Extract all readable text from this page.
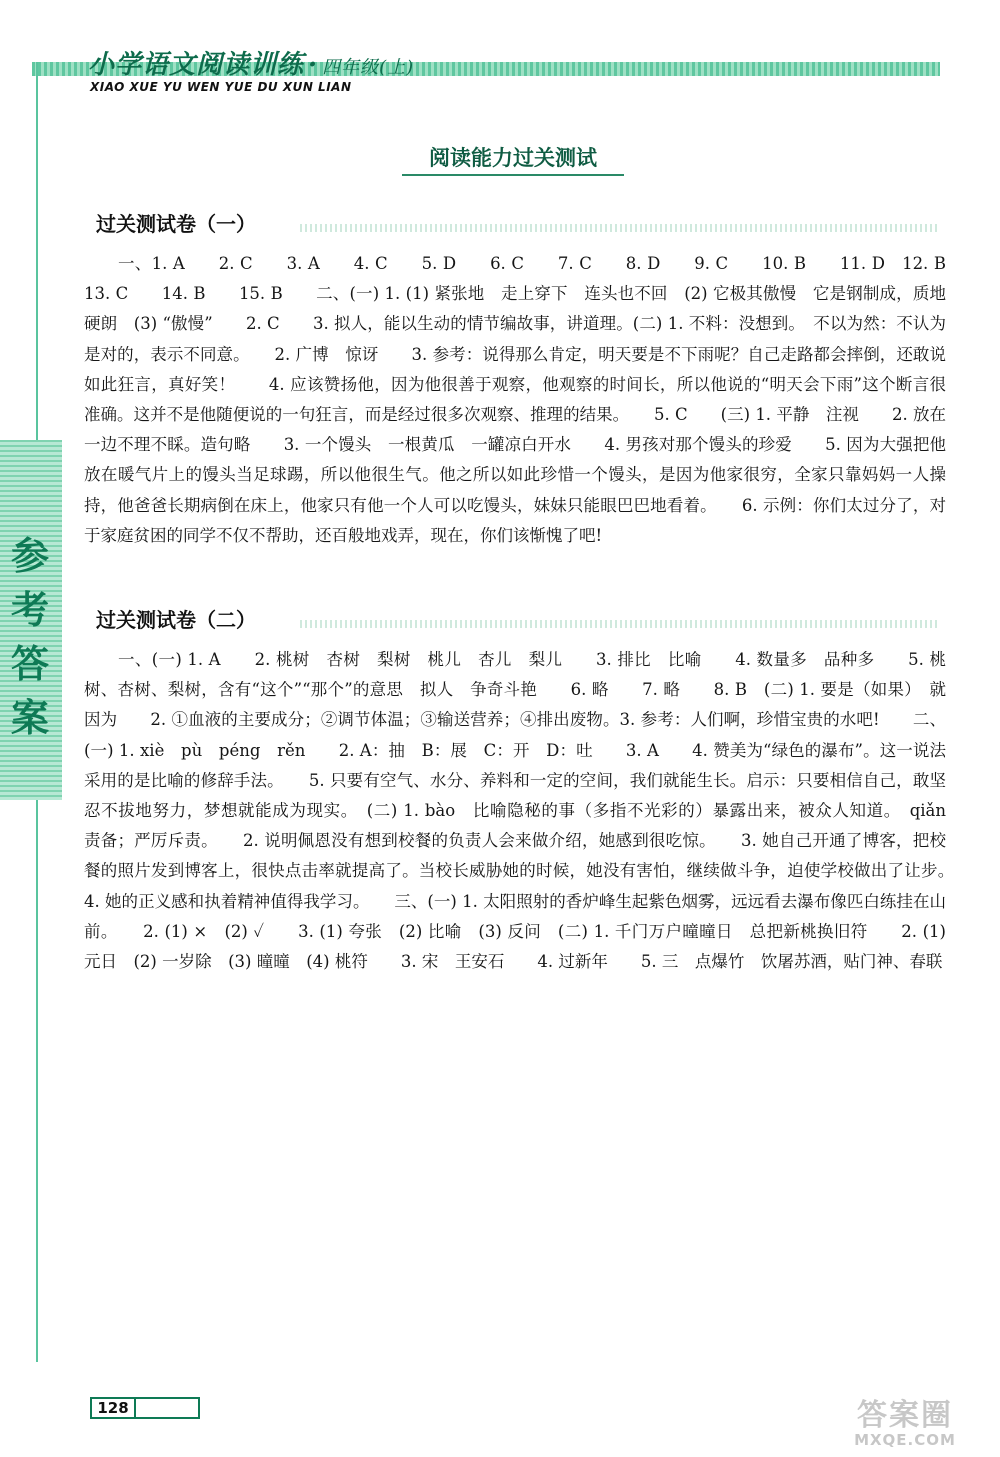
小学语文阅读训练 · 四年级(上)
XIAO XUE YU WEN YUE DU XUN LIAN
阅读能力过关测试
过关测试卷（一）

一、1. A　　2. C　　3. A　　4. C　　5. D　　6. C　　7. C　　8. D　　9. C　　10. B　　11. D　12. B　　13. C　　14. B　　15. B　　二、(一) 1. (1) 紧张地　走上穿下　连头也不回　(2) 它极其傲慢　它是钢制成，质地硬朗　(3) “傲慢”　　2. C　　3. 拟人，能以生动的情节编故事，讲道理。(二) 1. 不料：没想到。　不以为然：不认为是对的，表示不同意。　　2. 广博　惊讶　　3. 参考：说得那么肯定，明天要是不下雨呢？自己走路都会摔倒，还敢说如此狂言，真好笑！　　4. 应该赞扬他，因为他很善于观察，他观察的时间长，所以他说的“明天会下雨”这个断言很准确。这并不是他随便说的一句狂言，而是经过很多次观察、推理的结果。　　5. C　　(三) 1. 平静　注视　　2. 放在一边不理不睬。造句略　　3. 一个馒头　一根黄瓜　一罐凉白开水　　4. 男孩对那个馒头的珍爱　　5. 因为大强把他放在暖气片上的馒头当足球踢，所以他很生气。他之所以如此珍惜一个馒头，是因为他家很穷，全家只靠妈妈一人操持，他爸爸长期病倒在床上，他家只有他一个人可以吃馒头，妹妹只能眼巴巴地看着。　　6. 示例：你们太过分了，对于家庭贫困的同学不仅不帮助，还百般地戏弄，现在，你们该惭愧了吧!

过关测试卷（二）

一、(一) 1. A　　2. 桃树　杏树　梨树　桃儿　杏儿　梨儿　　3. 排比　比喻　　4. 数量多　品种多　　5. 桃树、杏树、梨树，含有“这个”“那个”的意思　拟人　争奇斗艳　　6. 略　　7. 略　　8. B　(二) 1. 要是（如果）　就　因为　　2. ①血液的主要成分；②调节体温；③输送营养；④排出废物。3. 参考：人们啊，珍惜宝贵的水吧!　　二、(一) 1. xiè　pù　péng　rěn　　2. A：抽　B：展　C：开　D：吐　　3. A　　4. 赞美为“绿色的瀑布”。这一说法采用的是比喻的修辞手法。　　5. 只要有空气、水分、养料和一定的空间，我们就能生长。启示：只要相信自己，敢坚忍不拔地努力，梦想就能成为现实。　(二) 1. bào　比喻隐秘的事（多指不光彩的）暴露出来，被众人知道。　qiǎn　责备；严厉斥责。　　2. 说明佩恩没有想到校餐的负责人会来做介绍，她感到很吃惊。　　3. 她自己开通了博客，把校餐的照片发到博客上，很快点击率就提高了。当校长威胁她的时候，她没有害怕，继续做斗争，迫使学校做出了让步。　　4. 她的正义感和执着精神值得我学习。　　三、(一) 1. 太阳照射的香炉峰生起紫色烟雾，远远看去瀑布像匹白练挂在山前。　　2. (1) ×　(2) ✓　　3. (1) 夸张　(2) 比喻　(3) 反问　(二) 1. 千门万户曈曈日　总把新桃换旧符　　2. (1) 元日　(2) 一岁除　(3) 曈曈　(4) 桃符　　3. 宋　王安石　　4. 过新年　　5. 三　点爆竹　饮屠苏酒，贴门神、春联

参
考
答
案
128	答案圈
MXQE.COM
